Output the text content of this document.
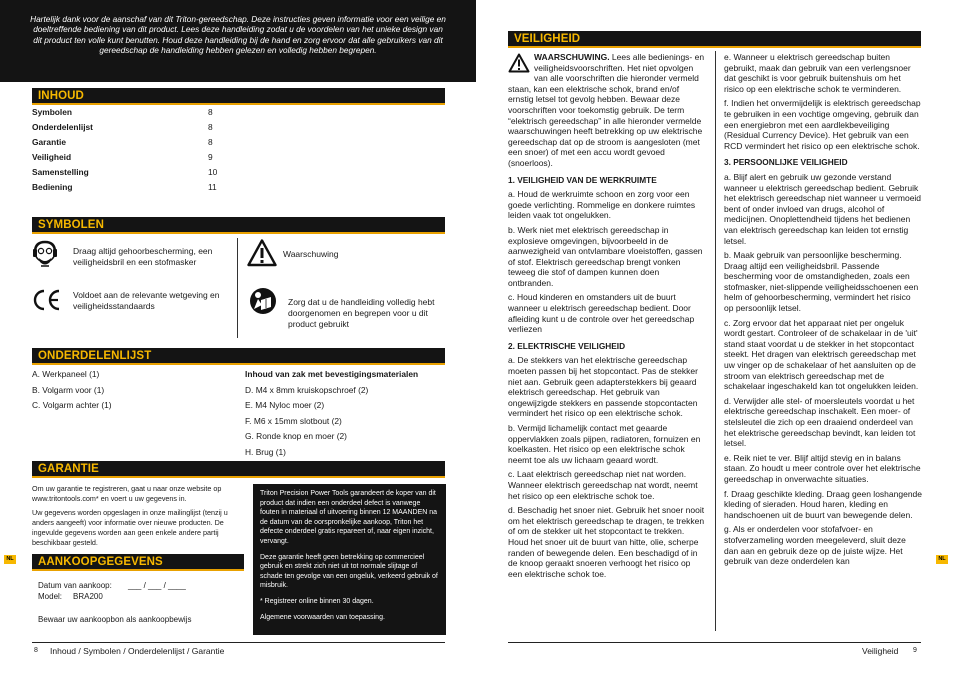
Hartelijk dank voor de aanschaf van dit Triton-gereedschap. Deze instructies geven informatie voor een veilige en doeltreffende bediening van dit product. Lees deze handleiding zodat u de voordelen van het unieke design van dit product ten volle kunt benutten. Houd deze handleiding bij de hand en zorg ervoor dat alle gebruikers van dit gereedschap de handleiding hebben gelezen en volledig hebben begrepen.

INHOUD
Symbolen	8
Onderdelenlijst	8
Garantie	8
Veiligheid	9
Samenstelling	10
Bediening	11
SYMBOLEN
Draag altijd gehoorbescherming, een veiligheidsbril en een stofmasker
Waarschuwing
Voldoet aan de relevante wetgeving en veiligheidsstandaards	Zorg dat u de handleiding volledig hebt doorgenomen en begrepen voor u dit product gebruikt
ONDERDELENLIJST
A. Werkpaneel (1)
B. Volgarm voor (1)
C. Volgarm achter (1)
Inhoud van zak met bevestigingsmaterialen
D. M4 x 8mm kruiskopschroef (2)
E. M4 Nyloc moer (2)
F. M6 x 15mm slotbout (2)
G. Ronde knop en moer (2)
H. Brug (1)
GARANTIE

Om uw garantie te registreren, gaat u naar onze website op www.tritontools.com* en voert u uw gegevens in.

Uw gegevens worden opgeslagen in onze mailinglijst (tenzij u anders aangeeft) voor informatie over nieuwe producten. De ingevulde gegevens worden aan geen enkele andere partij beschikbaar gesteld.

Triton Precision Power Tools garandeert de koper van dit product dat indien een onderdeel defect is vanwege fouten in materiaal of uitvoering binnen 12 MAANDEN na de datum van de oorspronkelijke aankoop, Triton het defecte onderdeel gratis repareert of, naar eigen inzicht, vervangt.

Deze garantie heeft geen betrekking op commercieel gebruik en strekt zich niet uit tot normale slijtage of schade ten gevolge van een ongeluk, verkeerd gebruik of misbruik.

* Registreer online binnen 30 dagen.

Algemene voorwaarden van toepassing.

AANKOOPGEGEVENS
Datum van aankoop: ___ / ___ / ____
Model: BRA200
Bewaar uw aankoopbon als aankoopbewijs
8 Inhoud / Symbolen / Onderdelenlijst / Garantie
NL
VEILIGHEID

WAARSCHUWING. Lees alle bedienings- en veiligheidsvoorschriften. Het niet opvolgen van alle voorschriften die hieronder vermeld staan, kan een elektrische schok, brand en/of ernstig letsel tot gevolg hebben. Bewaar deze voorschriften voor toekomstig gebruik. De term “elektrisch gereedschap” in alle hieronder vermelde waarschuwingen heeft betrekking op uw elektrische gereedschap dat op de stroom is aangesloten (met een snoer) of met een accu wordt gevoed (snoerloos).

1. VEILIGHEID VAN DE WERKRUIMTE

a. Houd de werkruimte schoon en zorg voor een goede verlichting. Rommelige en donkere ruimtes leiden vaak tot ongelukken.

b. Werk niet met elektrisch gereedschap in explosieve omgevingen, bijvoorbeeld in de aanwezigheid van ontvlambare vloeistoffen, gassen of stof. Elektrisch gereedschap brengt vonken teweeg die stof of dampen kunnen doen ontbranden.

c. Houd kinderen en omstanders uit de buurt wanneer u elektrisch gereedschap bedient. Door afleiding kunt u de controle over het gereedschap verliezen

2. ELEKTRISCHE VEILIGHEID

a. De stekkers van het elektrische gereedschap moeten passen bij het stopcontact. Pas de stekker niet aan. Gebruik geen adapterstekkers bij geaard elektrisch gereedschap. Het gebruik van ongewijzigde stekkers en passende stopcontacten vermindert het risico op een elektrische schok.

b. Vermijd lichamelijk contact met geaarde oppervlakken zoals pijpen, radiatoren, fornuizen en koelkasten. Het risico op een elektrische schok neemt toe als uw lichaam geaard wordt.

c. Laat elektrisch gereedschap niet nat worden. Wanneer elektrisch gereedschap nat wordt, neemt het risico op een elektrische schok toe.

d. Beschadig het snoer niet. Gebruik het snoer nooit om het elektrisch gereedschap te dragen, te trekken of om de stekker uit het stopcontact te trekken. Houd het snoer uit de buurt van hitte, olie, scherpe randen of bewegende delen. Een beschadigd of in de knoop geraakt snoeren verhoogt het risico op een elektrische schok toe.

e. Wanneer u elektrisch gereedschap buiten gebruikt, maak dan gebruik van een verlengsnoer dat geschikt is voor gebruik buitenshuis om het risico op een elektrische schok te verminderen.

f. Indien het onvermijdelijk is elektrisch gereedschap te gebruiken in een vochtige omgeving, gebruik dan een energiebron met een aardlekbeveiliging (Residual Currency Device). Het gebruik van een RCD vermindert het risico op een elektrische schok.

3. PERSOONLIJKE VEILIGHEID

a. Blijf alert en gebruik uw gezonde verstand wanneer u elektrisch gereedschap bedient. Gebruik het elektrisch gereedschap niet wanneer u vermoeid bent of onder invloed van drugs, alcohol of medicijnen. Onoplettendheid tijdens het bedienen van elektrisch gereedschap kan leiden tot ernstig letsel.

b. Maak gebruik van persoonlijke bescherming. Draag altijd een veiligheidsbril. Passende bescherming voor de omstandigheden, zoals een stofmasker, niet-slippende veiligheidsschoenen een helm of gehoorbescherming, vermindert het risico op persoonlijk letsel.

c. Zorg ervoor dat het apparaat niet per ongeluk wordt gestart. Controleer of de schakelaar in de 'uit' stand staat voordat u de stekker in het stopcontact steekt. Het dragen van elektrisch gereedschap met uw vinger op de schakelaar of het aansluiten op de stroom van elektrisch gereedschap met de schakelaar ingeschakeld kan tot ongelukken leiden.

d. Verwijder alle stel- of moersleutels voordat u het elektrische gereedschap inschakelt. Een moer- of stelsleutel die zich op een draaiend onderdeel van het elektrische gereedschap bevindt, kan leiden tot letsel.

e. Reik niet te ver. Blijf altijd stevig en in balans staan. Zo houdt u meer controle over het elektrische gereedschap in onverwachte situaties.

f. Draag geschikte kleding. Draag geen loshangende kleding of sieraden. Houd haren, kleding en handschoenen uit de buurt van bewegende delen.

g. Als er onderdelen voor stofafvoer- en stofverzameling worden meegeleverd, sluit deze dan aan en gebruik deze op de juiste wijze. Het gebruik van deze onderdelen kan

Veiligheid 9
NL
